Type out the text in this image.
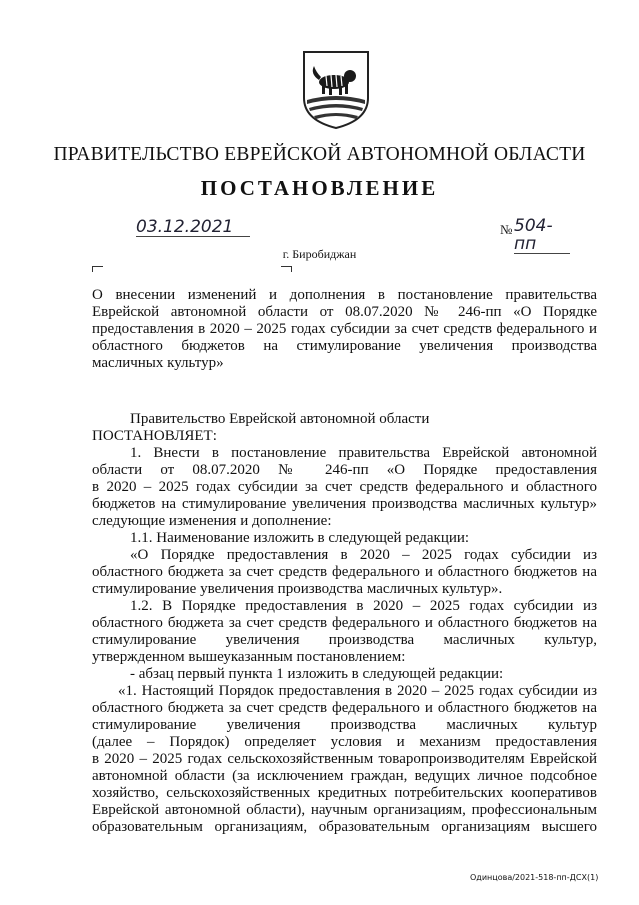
ПРАВИТЕЛЬСТВО ЕВРЕЙСКОЙ АВТОНОМНОЙ ОБЛАСТИ
ПОСТАНОВЛЕНИЕ
03.12.2021	№ 504-пп
г. Биробиджан
О внесении изменений и дополнения в постановление правительства
Еврейской автономной области от 08.07.2020 № 246-пп «О Порядке
предоставления в 2020 – 2025 годах субсидии за счет средств федерального и
областного бюджетов на стимулирование увеличения производства
масличных культур»
Правительство Еврейской автономной области
ПОСТАНОВЛЯЕТ:
1. Внести в постановление правительства Еврейской автономной
области от 08.07.2020 № 246-пп «О Порядке предоставления
в 2020 – 2025 годах субсидии за счет средств федерального и областного
бюджетов на стимулирование увеличения производства масличных культур»
следующие изменения и дополнение:
1.1. Наименование изложить в следующей редакции:
«О Порядке предоставления в 2020 – 2025 годах субсидии из
областного бюджета за счет средств федерального и областного бюджетов на
стимулирование увеличения производства масличных культур».
1.2. В Порядке предоставления в 2020 – 2025 годах субсидии из
областного бюджета за счет средств федерального и областного бюджетов на
стимулирование увеличения производства масличных культур,
утвержденном вышеуказанным постановлением:
- абзац первый пункта 1 изложить в следующей редакции:
«1. Настоящий Порядок предоставления в 2020 – 2025 годах субсидии из
областного бюджета за счет средств федерального и областного бюджетов на
стимулирование увеличения производства масличных культур
(далее – Порядок) определяет условия и механизм предоставления
в 2020 – 2025 годах сельскохозяйственным товаропроизводителям Еврейской
автономной области (за исключением граждан, ведущих личное подсобное
хозяйство, сельскохозяйственных кредитных потребительских кооперативов
Еврейской автономной области), научным организациям, профессиональным
образовательным организациям, образовательным организациям высшего
Одинцова/2021-518-пп-ДСХ(1)
